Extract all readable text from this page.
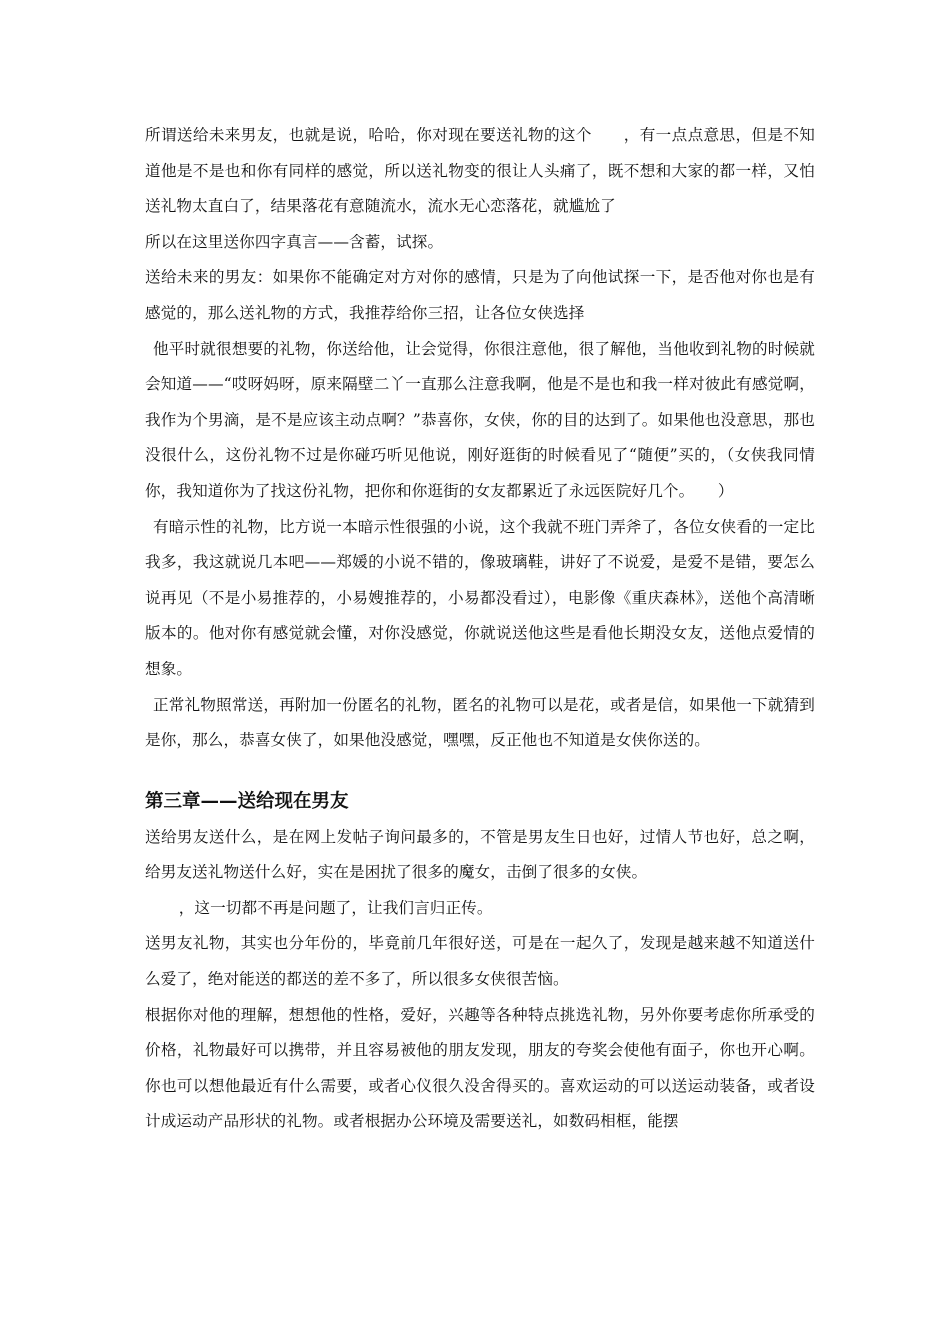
所谓送给未来男友，也就是说，哈哈，你对现在要送礼物的这个　　，有一点点意思，但是不知道他是不是也和你有同样的感觉，所以送礼物变的很让人头痛了，既不想和大家的都一样，又怕送礼物太直白了，结果落花有意随流水，流水无心恋落花，就尴尬了

所以在这里送你四字真言——含蓄，试探。

送给未来的男友：如果你不能确定对方对你的感情，只是为了向他试探一下，是否他对你也是有感觉的，那么送礼物的方式，我推荐给你三招，让各位女侠选择

他平时就很想要的礼物，你送给他，让会觉得，你很注意他，很了解他，当他收到礼物的时候就会知道——“哎呀妈呀，原来隔壁二丫一直那么注意我啊，他是不是也和我一样对彼此有感觉啊，我作为个男滴，是不是应该主动点啊？”恭喜你，女侠，你的目的达到了。如果他也没意思，那也没很什么，这份礼物不过是你碰巧听见他说，刚好逛街的时候看见了“随便”买的，（女侠我同情你，我知道你为了找这份礼物，把你和你逛街的女友都累近了永远医院好几个。　　）

有暗示性的礼物，比方说一本暗示性很强的小说，这个我就不班门弄斧了，各位女侠看的一定比我多，我这就说几本吧——郑媛的小说不错的，像玻璃鞋，讲好了不说爱，是爱不是错，要怎么说再见（不是小易推荐的，小易嫂推荐的，小易都没看过），电影像《重庆森林》，送他个高清晰版本的。他对你有感觉就会懂，对你没感觉，你就说送他这些是看他长期没女友，送他点爱情的想象。

正常礼物照常送，再附加一份匿名的礼物，匿名的礼物可以是花，或者是信，如果他一下就猜到是你，那么，恭喜女侠了，如果他没感觉，嘿嘿，反正他也不知道是女侠你送的。

第三章——送给现在男友

送给男友送什么，是在网上发帖子询问最多的，不管是男友生日也好，过情人节也好，总之啊，给男友送礼物送什么好，实在是困扰了很多的魔女，击倒了很多的女侠。

　，这一切都不再是问题了，让我们言归正传。

送男友礼物，其实也分年份的，毕竟前几年很好送，可是在一起久了，发现是越来越不知道送什么爱了，绝对能送的都送的差不多了，所以很多女侠很苦恼。

根据你对他的理解，想想他的性格，爱好，兴趣等各种特点挑选礼物，另外你要考虑你所承受的价格，礼物最好可以携带，并且容易被他的朋友发现，朋友的夸奖会使他有面子，你也开心啊。你也可以想他最近有什么需要，或者心仪很久没舍得买的。喜欢运动的可以送运动装备，或者设计成运动产品形状的礼物。或者根据办公环境及需要送礼，如数码相框，能摆
